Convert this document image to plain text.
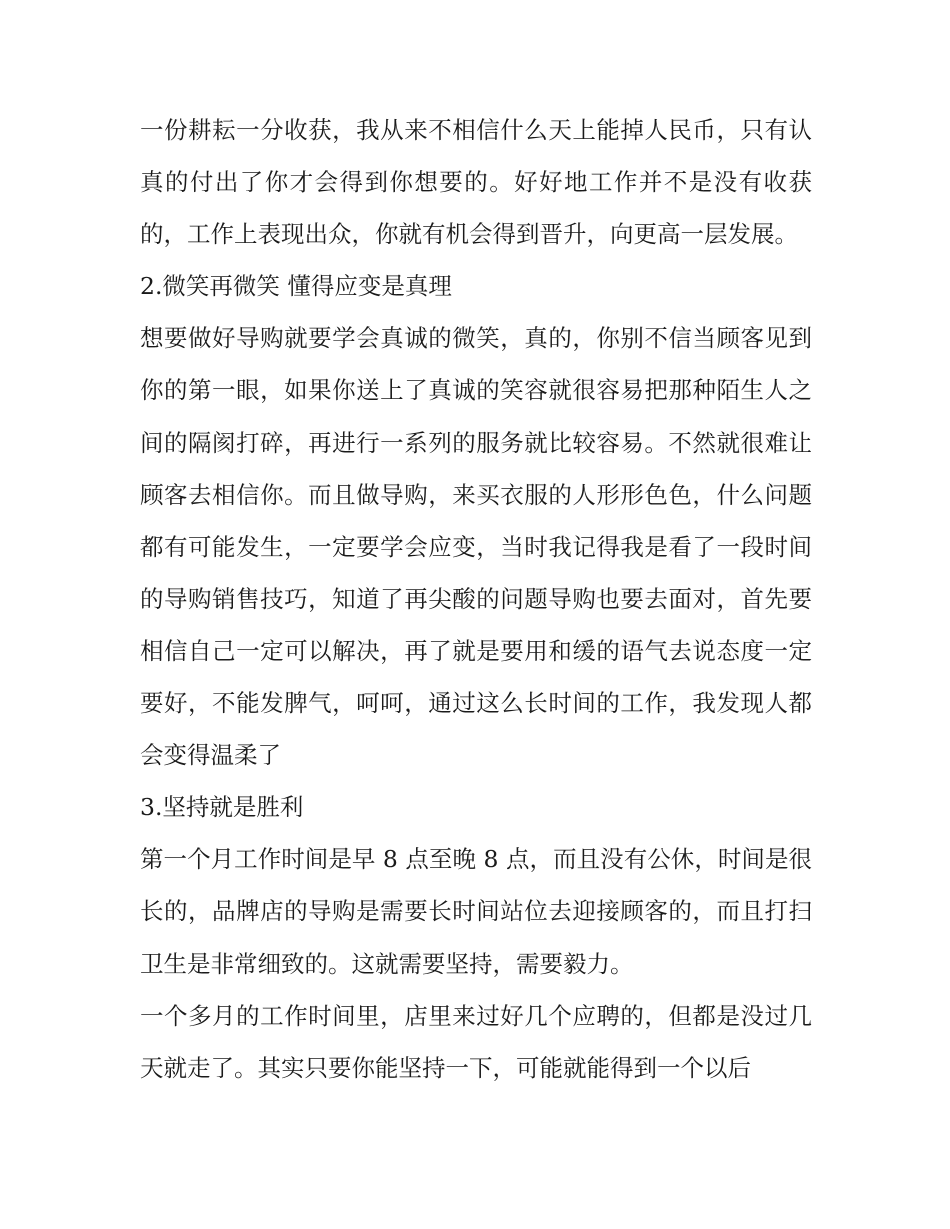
一份耕耘一分收获，我从来不相信什么天上能掉人民币，只有认真的付出了你才会得到你想要的。好好地工作并不是没有收获的，工作上表现出众，你就有机会得到晋升，向更高一层发展。

2.微笑再微笑 懂得应变是真理

想要做好导购就要学会真诚的微笑，真的，你别不信当顾客见到你的第一眼，如果你送上了真诚的笑容就很容易把那种陌生人之间的隔阂打碎，再进行一系列的服务就比较容易。不然就很难让顾客去相信你。而且做导购，来买衣服的人形形色色，什么问题都有可能发生，一定要学会应变，当时我记得我是看了一段时间的导购销售技巧，知道了再尖酸的问题导购也要去面对，首先要相信自己一定可以解决，再了就是要用和缓的语气去说态度一定要好，不能发脾气，呵呵，通过这么长时间的工作，我发现人都会变得温柔了

3.坚持就是胜利

第一个月工作时间是早 8 点至晚 8 点，而且没有公休，时间是很长的，品牌店的导购是需要长时间站位去迎接顾客的，而且打扫卫生是非常细致的。这就需要坚持，需要毅力。

一个多月的工作时间里，店里来过好几个应聘的，但都是没过几天就走了。其实只要你能坚持一下，可能就能得到一个以后
